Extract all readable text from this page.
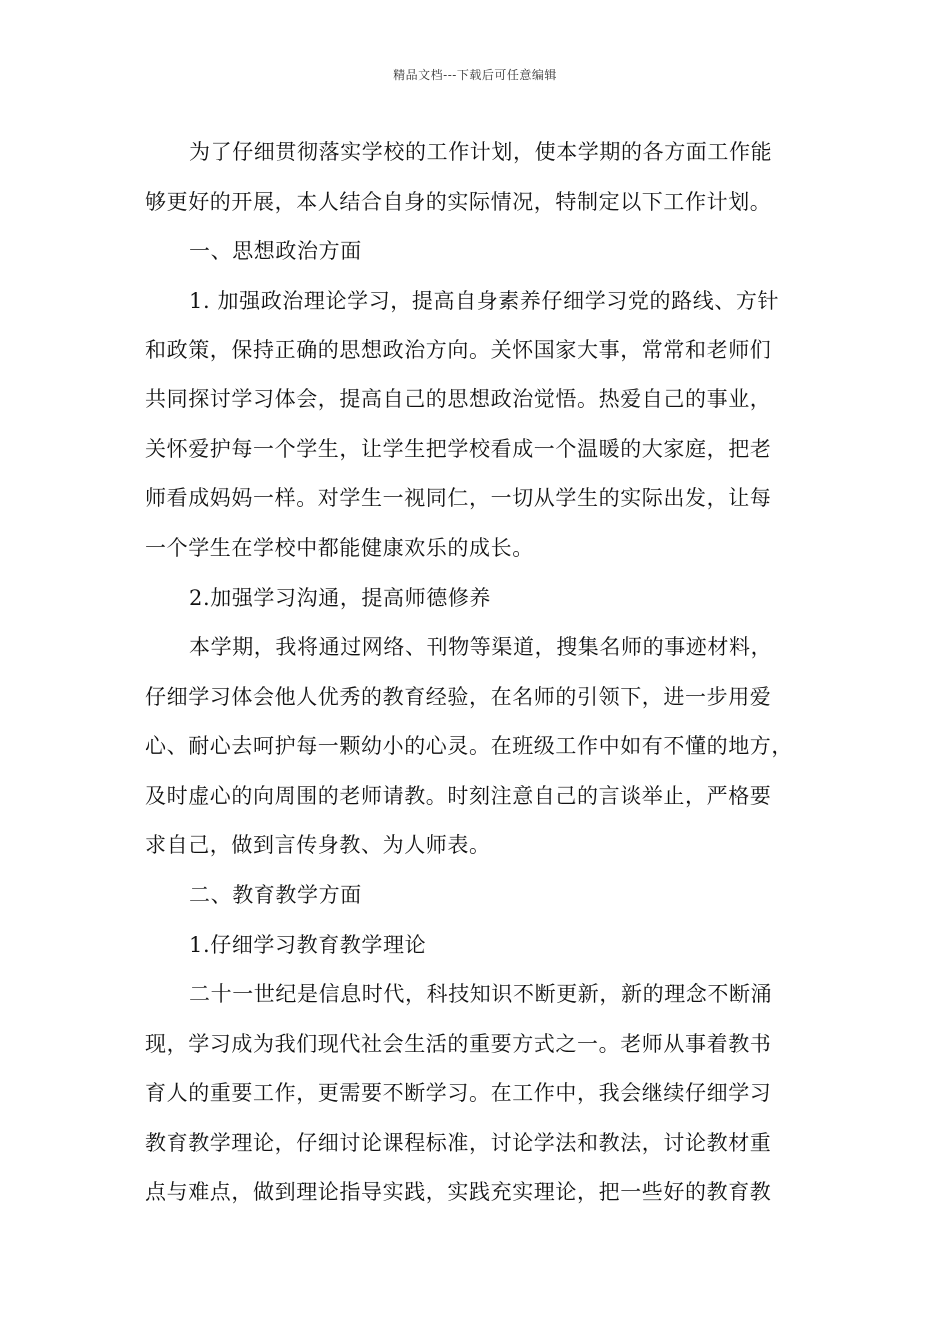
精品文档---下载后可任意编辑
为了仔细贯彻落实学校的工作计划，使本学期的各方面工作能
够更好的开展，本人结合自身的实际情况，特制定以下工作计划。
一、思想政治方面
1. 加强政治理论学习，提高自身素养仔细学习党的路线、方针
和政策，保持正确的思想政治方向。关怀国家大事，常常和老师们
共同探讨学习体会，提高自己的思想政治觉悟。热爱自己的事业，
关怀爱护每一个学生，让学生把学校看成一个温暖的大家庭，把老
师看成妈妈一样。对学生一视同仁，一切从学生的实际出发，让每
一个学生在学校中都能健康欢乐的成长。
2.加强学习沟通，提高师德修养
本学期，我将通过网络、刊物等渠道，搜集名师的事迹材料，
仔细学习体会他人优秀的教育经验，在名师的引领下，进一步用爱
心、耐心去呵护每一颗幼小的心灵。在班级工作中如有不懂的地方，
及时虚心的向周围的老师请教。时刻注意自己的言谈举止，严格要
求自己，做到言传身教、为人师表。
二、教育教学方面
1.仔细学习教育教学理论
二十一世纪是信息时代，科技知识不断更新，新的理念不断涌
现，学习成为我们现代社会生活的重要方式之一。老师从事着教书
育人的重要工作，更需要不断学习。在工作中，我会继续仔细学习
教育教学理论，仔细讨论课程标准，讨论学法和教法，讨论教材重
点与难点，做到理论指导实践，实践充实理论，把一些好的教育教
